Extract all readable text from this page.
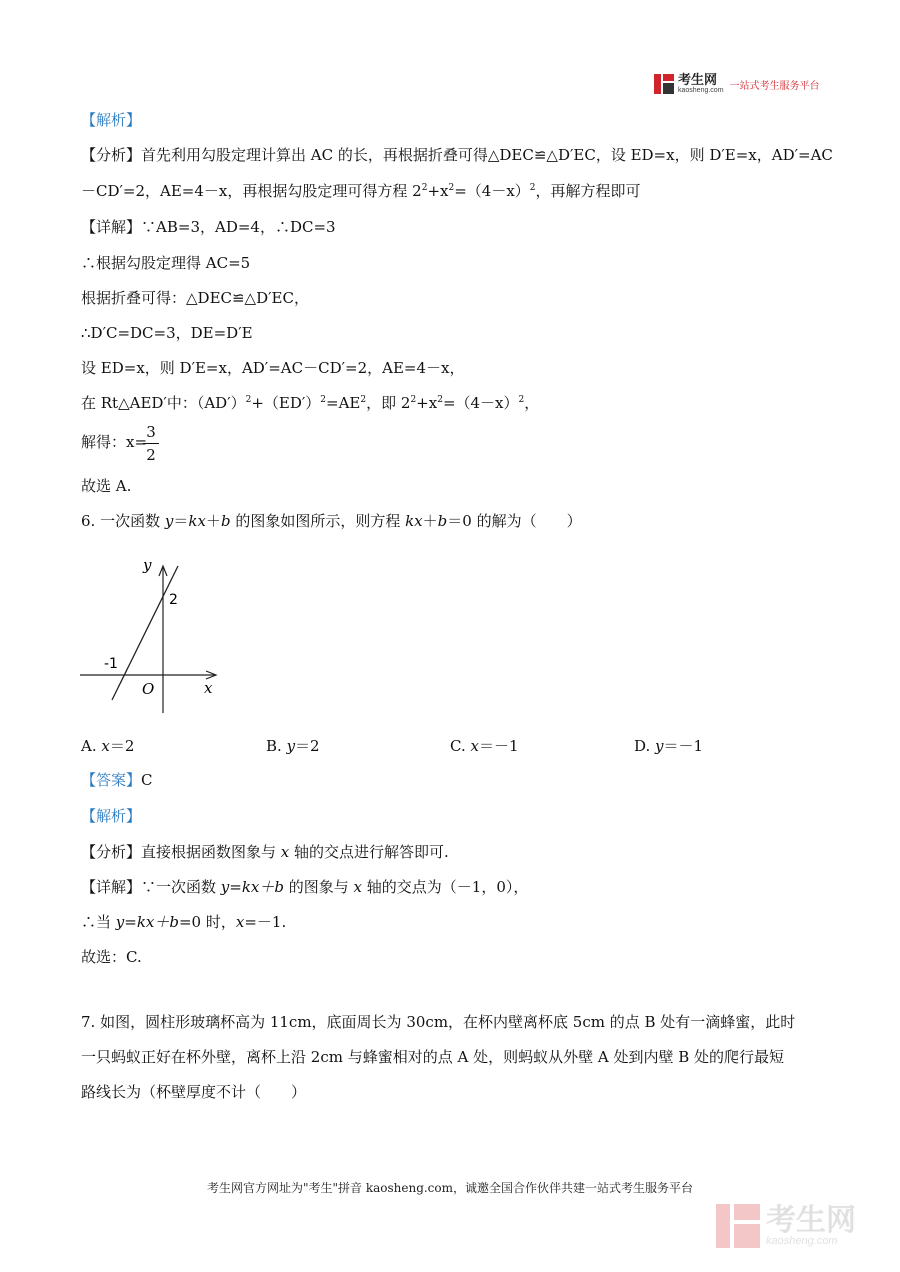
考生网
kaosheng.com 一站式考生服务平台
【解析】
【分析】首先利用勾股定理计算出 AC 的长，再根据折叠可得△DEC≌△D′EC，设 ED=x，则 D′E=x，AD′=AC
－CD′=2，AE=4－x，再根据勾股定理可得方程 $2^2+x^2=(4-x)^2$，再解方程即可
【详解】∵AB=3，AD=4，∴DC=3
∴根据勾股定理得 AC=5
根据折叠可得：△DEC≌△D′EC，
∴D′C=DC=3，DE=D′E
设 ED=x，则 D′E=x，AD′=AC－CD′=2，AE=4－x，
在 Rt△AED′中：$(AD')^2+(ED')^2=AE^2$，即 $2^2+x^2=(4-x)^2$，
解得：x=
3
2
故选 A.
6. 一次函数 y＝kx＋b 的图象如图所示，则方程 kx＋b＝0 的解为（　　）
y
x
O
2
-1
A. x＝2	B. y＝2	C. x＝－1	D. y＝－1
【答案】C
【解析】
【分析】直接根据函数图象与 x 轴的交点进行解答即可.
【详解】∵一次函数 y=kx＋b 的图象与 x 轴的交点为（－1，0），
∴当 y=kx＋b=0 时，x=－1.
故选：C.
7. 如图，圆柱形玻璃杯高为 11cm，底面周长为 30cm，在杯内壁离杯底 5cm 的点 B 处有一滴蜂蜜，此时
一只蚂蚁正好在杯外壁，离杯上沿 2cm 与蜂蜜相对的点 A 处，则蚂蚁从外壁 A 处到内壁 B 处的爬行最短
路线长为（杯壁厚度不计（　　）
考生网官方网址为"考生"拼音 kaosheng.com，诚邀全国合作伙伴共建一站式考生服务平台
考生网
kaosheng.com
